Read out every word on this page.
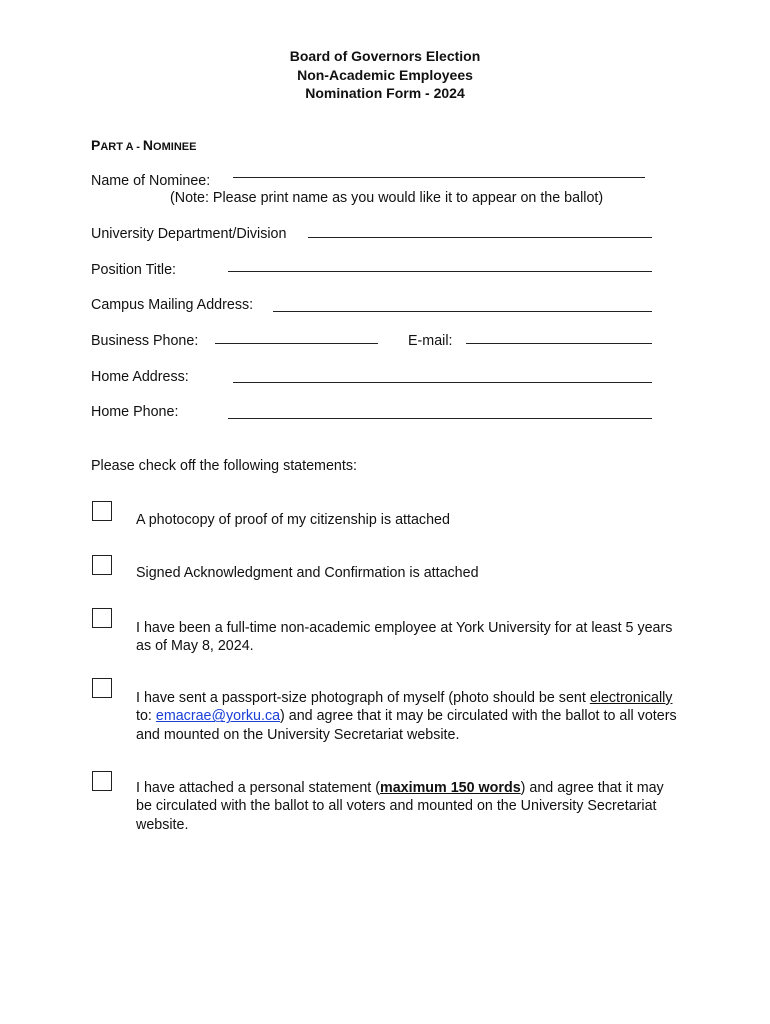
Board of Governors Election
Non-Academic Employees
Nomination Form - 2024
PART A - NOMINEE
Name of Nominee:
(Note: Please print name as you would like it to appear on the ballot)
University Department/Division
Position Title:
Campus Mailing Address:
Business Phone:	E-mail:
Home Address:
Home Phone:
Please check off the following statements:
A photocopy of proof of my citizenship is attached
Signed Acknowledgment and Confirmation is attached
I have been a full-time non-academic employee at York University for at least 5 years as of May 8, 2024.
I have sent a passport-size photograph of myself (photo should be sent electronically to: emacrae@yorku.ca) and agree that it may be circulated with the ballot to all voters and mounted on the University Secretariat website.
I have attached a personal statement (maximum 150 words) and agree that it may be circulated with the ballot to all voters and mounted on the University Secretariat website.
